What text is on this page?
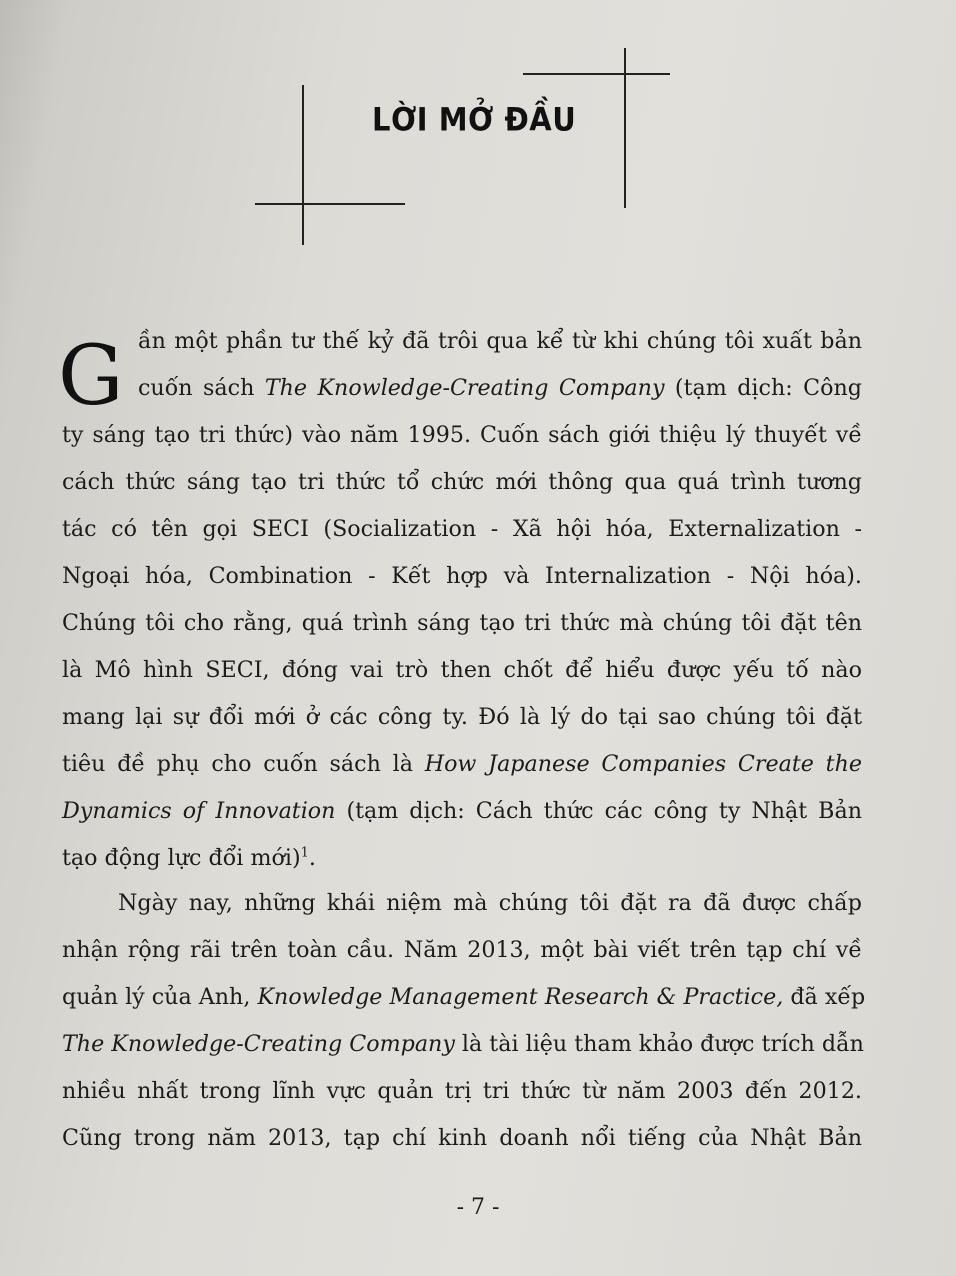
LỜI MỞ ĐẦU
G ần một phần tư thế kỷ đã trôi qua kể từ khi chúng tôi xuất bản
cuốn sách The Knowledge-Creating Company (tạm dịch: Công
ty sáng tạo tri thức) vào năm 1995. Cuốn sách giới thiệu lý thuyết về
cách thức sáng tạo tri thức tổ chức mới thông qua quá trình tương
tác có tên gọi SECI (Socialization - Xã hội hóa, Externalization -
Ngoại hóa, Combination - Kết hợp và Internalization - Nội hóa).
Chúng tôi cho rằng, quá trình sáng tạo tri thức mà chúng tôi đặt tên
là Mô hình SECI, đóng vai trò then chốt để hiểu được yếu tố nào
mang lại sự đổi mới ở các công ty. Đó là lý do tại sao chúng tôi đặt
tiêu đề phụ cho cuốn sách là How Japanese Companies Create the
Dynamics of Innovation (tạm dịch: Cách thức các công ty Nhật Bản
tạo động lực đổi mới)$^1$.
Ngày nay, những khái niệm mà chúng tôi đặt ra đã được chấp
nhận rộng rãi trên toàn cầu. Năm 2013, một bài viết trên tạp chí về
quản lý của Anh, Knowledge Management Research & Practice, đã xếp
The Knowledge-Creating Company là tài liệu tham khảo được trích dẫn
nhiều nhất trong lĩnh vực quản trị tri thức từ năm 2003 đến 2012.
Cũng trong năm 2013, tạp chí kinh doanh nổi tiếng của Nhật Bản
- 7 -
